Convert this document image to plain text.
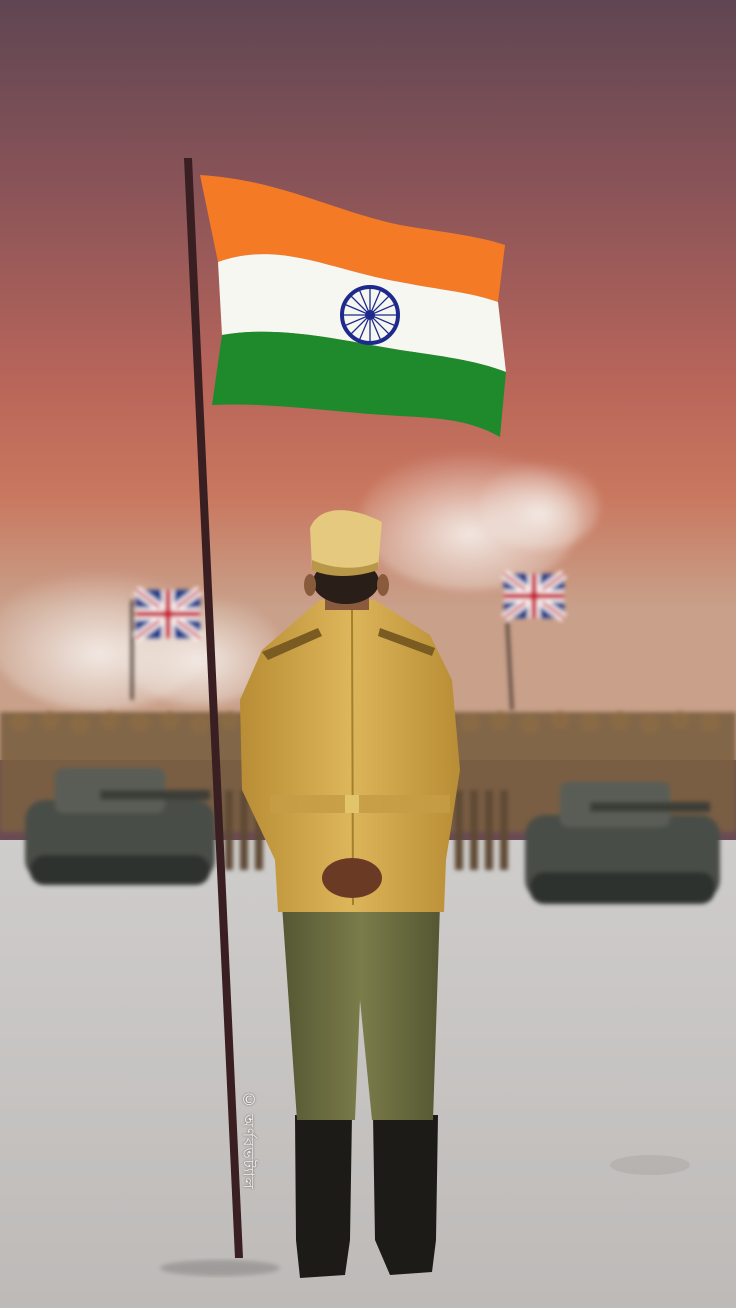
©
অর্ণবভট্যাল
